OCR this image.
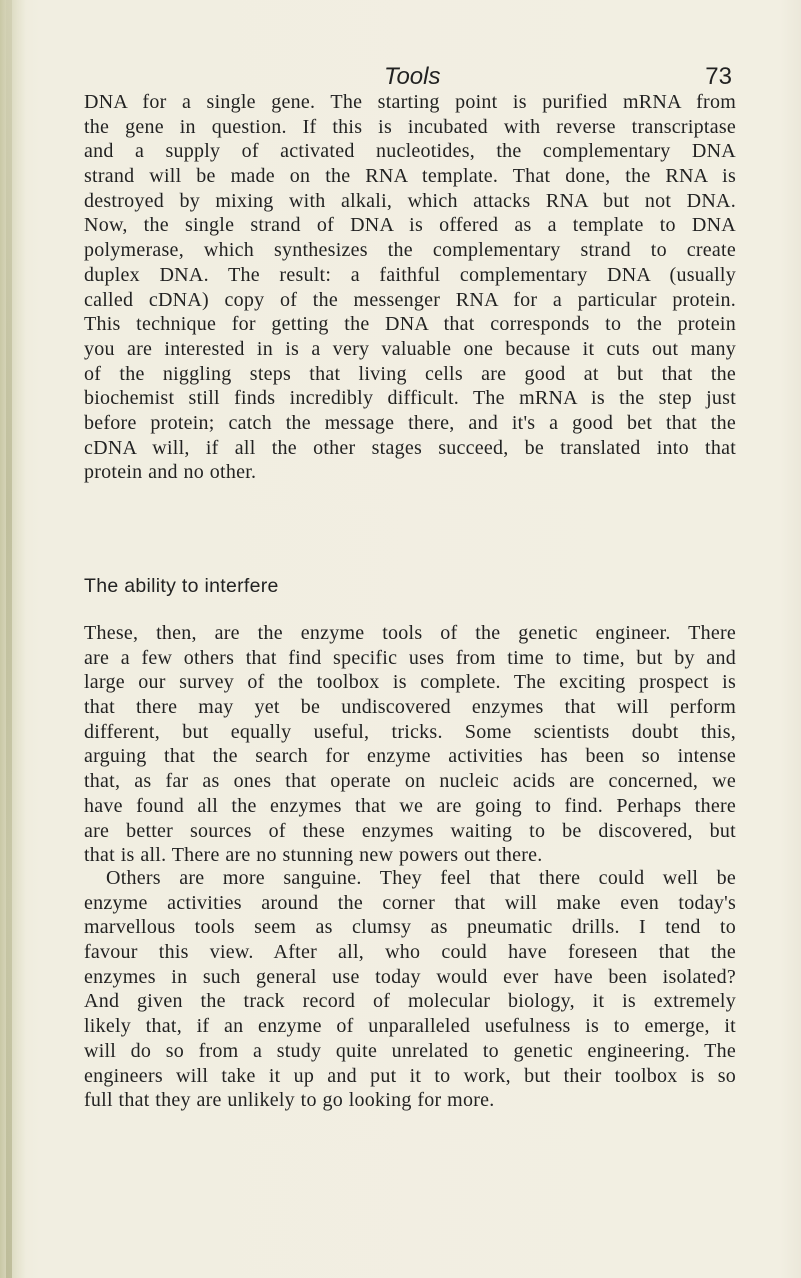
Tools	73
DNA for a single gene. The starting point is purified mRNA from
the gene in question. If this is incubated with reverse transcriptase
and a supply of activated nucleotides, the complementary DNA
strand will be made on the RNA template. That done, the RNA is
destroyed by mixing with alkali, which attacks RNA but not DNA.
Now, the single strand of DNA is offered as a template to DNA
polymerase, which synthesizes the complementary strand to create
duplex DNA. The result: a faithful complementary DNA (usually
called cDNA) copy of the messenger RNA for a particular protein.
This technique for getting the DNA that corresponds to the protein
you are interested in is a very valuable one because it cuts out many
of the niggling steps that living cells are good at but that the
biochemist still finds incredibly difficult. The mRNA is the step just
before protein; catch the message there, and it's a good bet that the
cDNA will, if all the other stages succeed, be translated into that
protein and no other.
The ability to interfere
These, then, are the enzyme tools of the genetic engineer. There
are a few others that find specific uses from time to time, but by and
large our survey of the toolbox is complete. The exciting prospect is
that there may yet be undiscovered enzymes that will perform
different, but equally useful, tricks. Some scientists doubt this,
arguing that the search for enzyme activities has been so intense
that, as far as ones that operate on nucleic acids are concerned, we
have found all the enzymes that we are going to find. Perhaps there
are better sources of these enzymes waiting to be discovered, but
that is all. There are no stunning new powers out there.
Others are more sanguine. They feel that there could well be
enzyme activities around the corner that will make even today's
marvellous tools seem as clumsy as pneumatic drills. I tend to
favour this view. After all, who could have foreseen that the
enzymes in such general use today would ever have been isolated?
And given the track record of molecular biology, it is extremely
likely that, if an enzyme of unparalleled usefulness is to emerge, it
will do so from a study quite unrelated to genetic engineering. The
engineers will take it up and put it to work, but their toolbox is so
full that they are unlikely to go looking for more.
